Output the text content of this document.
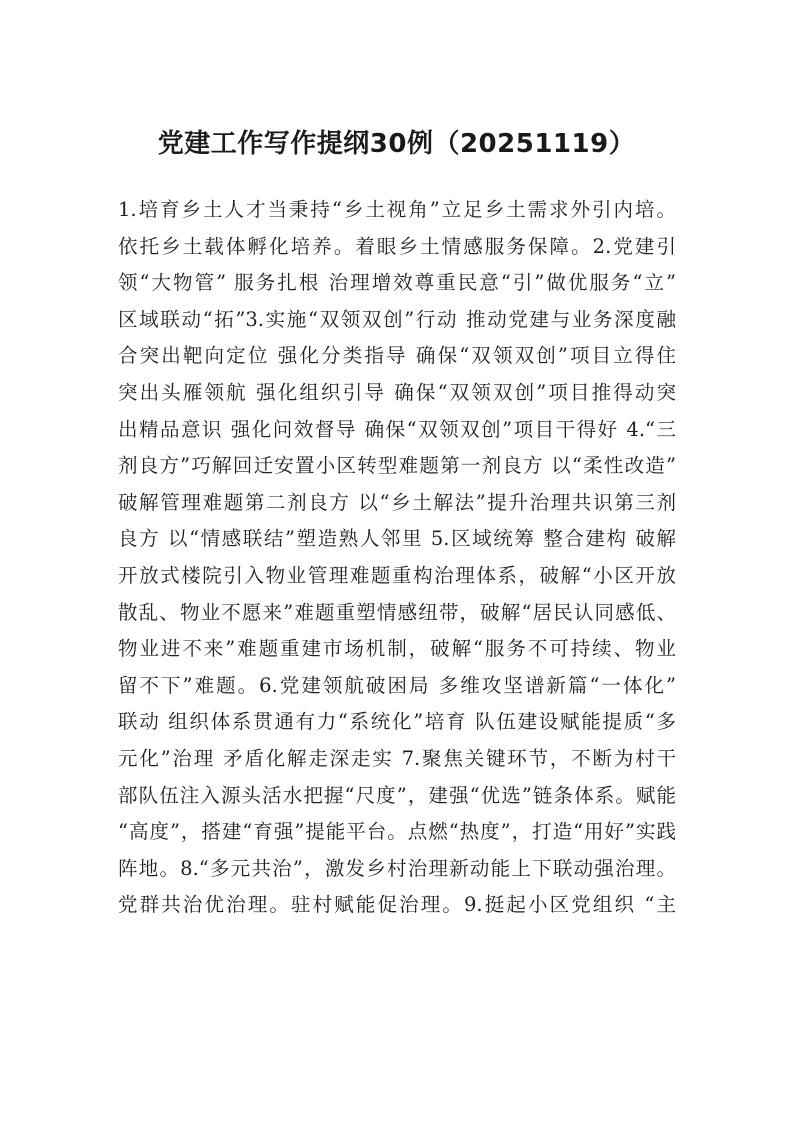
党建工作写作提纲30例（20251119）
1.培育乡土人才当秉持“乡土视角”立足乡土需求外引内培。
依托乡土载体孵化培养。着眼乡土情感服务保障。2.党建引
领“大物管” 服务扎根 治理增效尊重民意“引”做优服务“立”
区域联动“拓”3.实施“双领双创”行动 推动党建与业务深度融
合突出靶向定位 强化分类指导 确保“双领双创”项目立得住
突出头雁领航 强化组织引导 确保“双领双创”项目推得动突
出精品意识 强化问效督导 确保“双领双创”项目干得好 4.“三
剂良方”巧解回迁安置小区转型难题第一剂良方 以“柔性改造”
破解管理难题第二剂良方 以“乡土解法”提升治理共识第三剂
良方 以“情感联结”塑造熟人邻里 5.区域统筹 整合建构 破解
开放式楼院引入物业管理难题重构治理体系，破解“小区开放
散乱、物业不愿来”难题重塑情感纽带，破解“居民认同感低、
物业进不来”难题重建市场机制，破解“服务不可持续、物业
留不下”难题。6.党建领航破困局 多维攻坚谱新篇“一体化”
联动 组织体系贯通有力“系统化”培育 队伍建设赋能提质“多
元化”治理 矛盾化解走深走实 7.聚焦关键环节，不断为村干
部队伍注入源头活水把握“尺度”，建强“优选”链条体系。赋能
“高度”，搭建“育强”提能平台。点燃“热度”，打造“用好”实践
阵地。8.“多元共治”，激发乡村治理新动能上下联动强治理。
党群共治优治理。驻村赋能促治理。9.挺起小区党组织 “主
